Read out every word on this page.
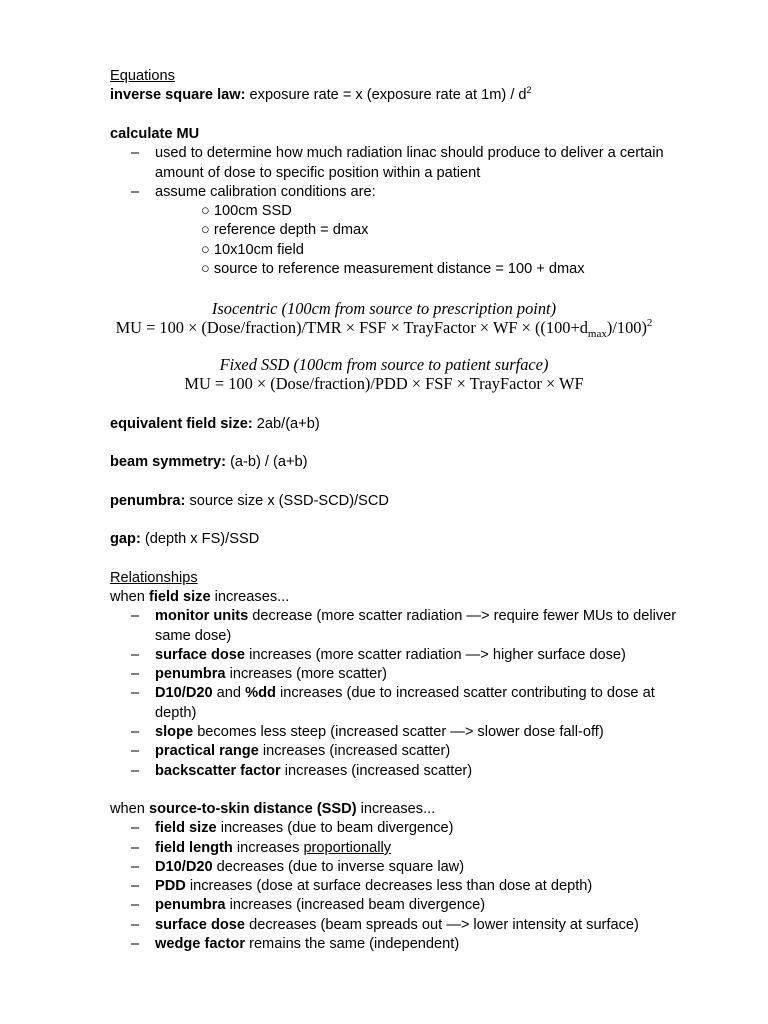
Equations
inverse square law: exposure rate = x (exposure rate at $1m) / d^2$
calculate MU
– used to determine how much radiation linac should produce to deliver a certain
amount of dose to specific position within a patient
– assume calibration conditions are:
○ 100cm SSD
○ reference depth = dmax
○ 10x10cm field
○ source to reference measurement distance = 100 + dmax
Isocentric (100cm from source to prescription point)
MU = 100 × (Dose/fraction)/TMR × FSF × TrayFactor × WF × $((100+d_{max})/100)^2$
Fixed SSD (100cm from source to patient surface)
MU = 100 × (Dose/fraction)/PDD × FSF × TrayFactor × WF
equivalent field size: 2ab/(a+b)
beam symmetry: (a-b) / (a+b)
penumbra: source size x (SSD-SCD)/SCD
gap: (depth x FS)/SSD
Relationships
when field size increases...
– monitor units decrease (more scatter radiation —> require fewer MUs to deliver
same dose)
– surface dose increases (more scatter radiation —> higher surface dose)
– penumbra increases (more scatter)
– D10/D20 and %dd increases (due to increased scatter contributing to dose at
depth)
– slope becomes less steep (increased scatter —> slower dose fall-off)
– practical range increases (increased scatter)
– backscatter factor increases (increased scatter)
when source-to-skin distance (SSD) increases...
– field size increases (due to beam divergence)
– field length increases proportionally
– D10/D20 decreases (due to inverse square law)
– PDD increases (dose at surface decreases less than dose at depth)
– penumbra increases (increased beam divergence)
– surface dose decreases (beam spreads out —> lower intensity at surface)
– wedge factor remains the same (independent)
